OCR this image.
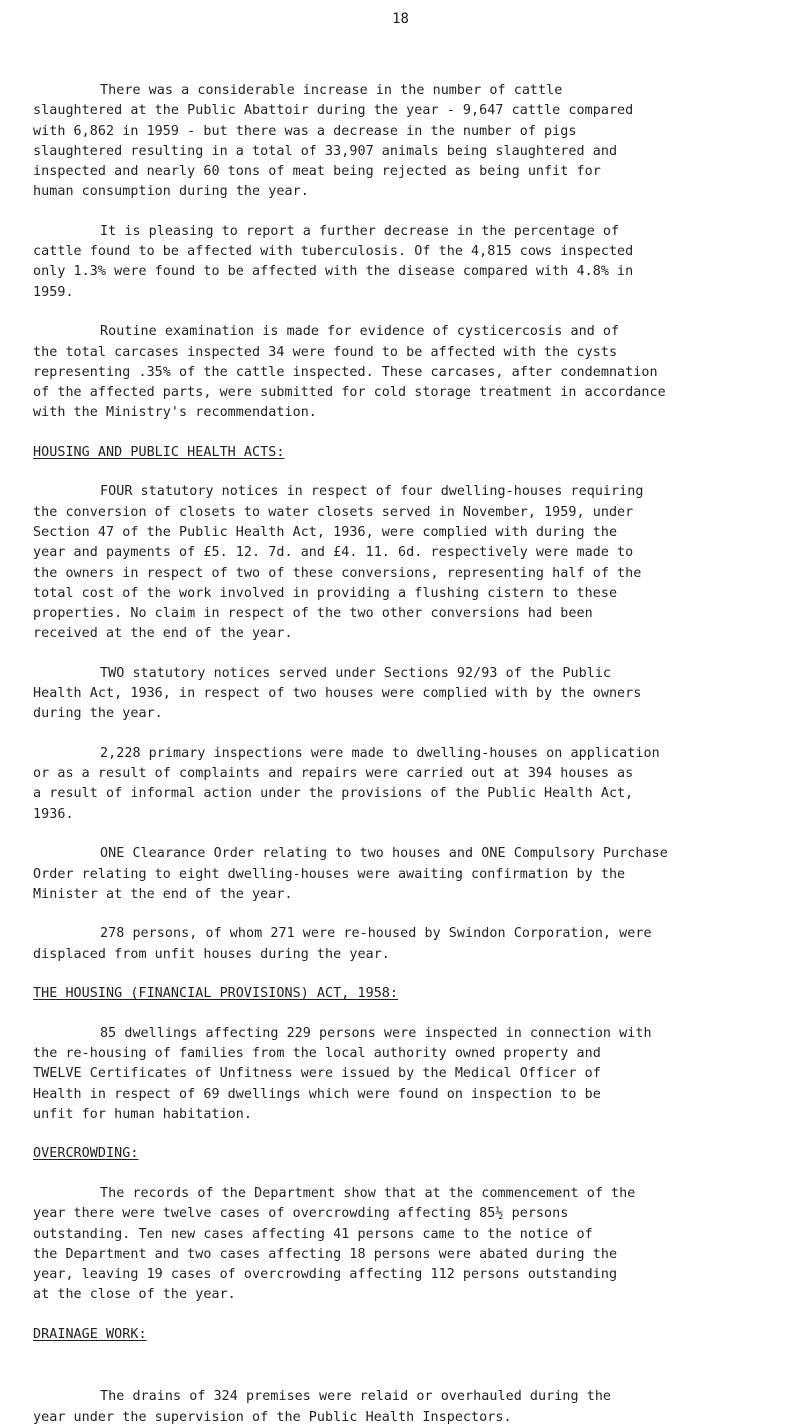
18
There was a considerable increase in the number of cattle
slaughtered at the Public Abattoir during the year - 9,647 cattle compared
with 6,862 in 1959 - but there was a decrease in the number of pigs
slaughtered resulting in a total of 33,907 animals being slaughtered and
inspected and nearly 60 tons of meat being rejected as being unfit for
human consumption during the year.
It is pleasing to report a further decrease in the percentage of
cattle found to be affected with tuberculosis. Of the 4,815 cows inspected
only 1.3% were found to be affected with the disease compared with 4.8% in
1959.
Routine examination is made for evidence of cysticercosis and of
the total carcases inspected 34 were found to be affected with the cysts
representing .35% of the cattle inspected. These carcases, after condemnation
of the affected parts, were submitted for cold storage treatment in accordance
with the Ministry's recommendation.
HOUSING AND PUBLIC HEALTH ACTS:
FOUR statutory notices in respect of four dwelling-houses requiring
the conversion of closets to water closets served in November, 1959, under
Section 47 of the Public Health Act, 1936, were complied with during the
year and payments of £5. 12. 7d. and £4. 11. 6d. respectively were made to
the owners in respect of two of these conversions, representing half of the
total cost of the work involved in providing a flushing cistern to these
properties. No claim in respect of the two other conversions had been
received at the end of the year.
TWO statutory notices served under Sections 92/93 of the Public
Health Act, 1936, in respect of two houses were complied with by the owners
during the year.
2,228 primary inspections were made to dwelling-houses on application
or as a result of complaints and repairs were carried out at 394 houses as
a result of informal action under the provisions of the Public Health Act,
1936.
ONE Clearance Order relating to two houses and ONE Compulsory Purchase
Order relating to eight dwelling-houses were awaiting confirmation by the
Minister at the end of the year.
278 persons, of whom 271 were re-housed by Swindon Corporation, were
displaced from unfit houses during the year.
THE HOUSING (FINANCIAL PROVISIONS) ACT, 1958:
85 dwellings affecting 229 persons were inspected in connection with
the re-housing of families from the local authority owned property and
TWELVE Certificates of Unfitness were issued by the Medical Officer of
Health in respect of 69 dwellings which were found on inspection to be
unfit for human habitation.
OVERCROWDING:
The records of the Department show that at the commencement of the
year there were twelve cases of overcrowding affecting 85½ persons
outstanding. Ten new cases affecting 41 persons came to the notice of
the Department and two cases affecting 18 persons were abated during the
year, leaving 19 cases of overcrowding affecting 112 persons outstanding
at the close of the year.
DRAINAGE WORK:
The drains of 324 premises were relaid or overhauled during the
year under the supervision of the Public Health Inspectors.
